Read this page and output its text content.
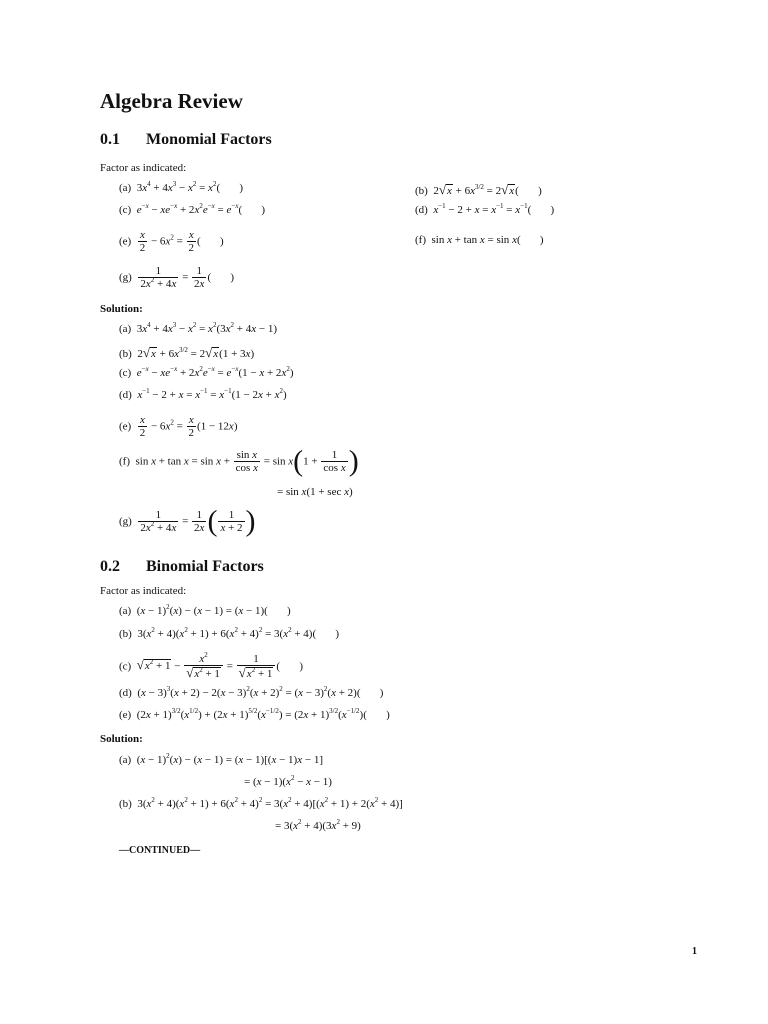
Algebra Review
0.1 Monomial Factors
Factor as indicated:
(a)  $3x^4 + 4x^3 - x^2 = x^2$(       )	(b)  $2√x + 6x^{3/2} = 2√x$(       )
(c)  $e^{-x} - xe^{-x} + 2x^2e^{-x} = e^{-x}$(       )	(d)  $x^{-1} - 2 + x = x^{-1} = x^{-1}$(       )
$(e) \frac{x}{2} - 6x^2 = \frac{x}{2}$ (       )	(f)  sin x + tan x = sin x(       )
$(g) \frac{1}{2x^2 + 4x} = \frac{1}{2x}$ (       )
Solution:
(a)  $3x^4 + 4x^3 - x^2 = x^2(3x^2 + 4x - 1)$
(b)  $2√x + 6x^{3/2} = 2√x(1 + 3x)$
(c)  $e^{-x} - xe^{-x} + 2x^2e^{-x} = e^{-x}(1 - x + 2x^2)$
(d)  $x^{-1} - 2 + x = x^{-1} = x^{-1}(1 - 2x + x^2)$
$(e) \frac{x}{2} - 6x^2 = \frac{x}{2} (1 - 12x)$
(f)  $\sin x + \tan x = \sin x + \frac{\text{sin x}}{\text{cos x}} = \sin x(1 + \frac{1}{\text{cos x}}$ )
= sin x(1 + sec x)
$(g) \frac{1}{2x^2 + 4x} = \frac{1}{2x}$ ( $\frac{1}{x + 2}$ )
0.2 Binomial Factors
Factor as indicated:
(a)  $(x - 1)^2(x) - (x - 1) = (x - 1)$(       )
(b)  $3(x^2 + 4)(x^2 + 1) + 6(x^2 + 4)^2 = 3(x^2 + 4)$(       )
(c)  $√x^2 + 1 - \frac{x^2}{√x^2 + 1} = \frac{1}{√x^2 + 1}$ (       )
(d)  $(x - 3)^3(x + 2) - 2(x - 3)^2(x + 2)^2 = (x - 3)^2(x + 2)$(       )
(e)  $(2x + 1)^{3/2}(x^{1/2}) + (2x + 1)^{5/2}(x^{-1/2}) = (2x + 1)^{3/2}(x^{-1/2})$(       )
Solution:
(a)  $(x - 1)^2(x) - (x - 1) = (x - 1)[(x - 1)x - 1]$
= $(x - 1)(x^2 - x - 1)$
(b)  $3(x^2 + 4)(x^2 + 1) + 6(x^2 + 4)^2 = 3(x^2 + 4)[(x^2 + 1) + 2(x^2 + 4)]$
= $3(x^2 + 4)(3x^2 + 9)$
—CONTINUED—
1
